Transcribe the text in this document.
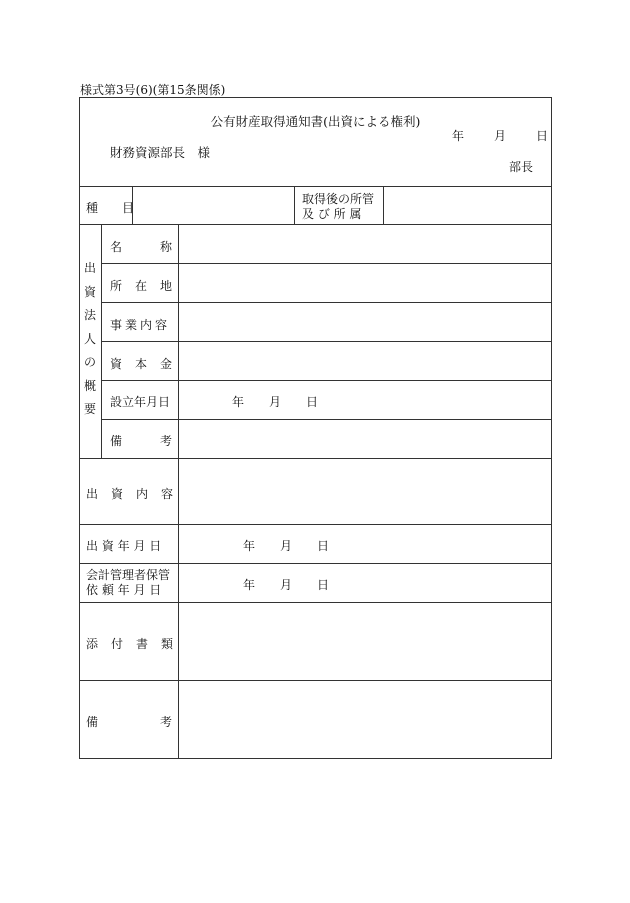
様式第3号(6)(第15条関係)
公有財産取得通知書(出資による権利)
年	月	日
財務資源部長　様
部長
種　　目
取得後の所管
及 び 所 属
出
資
法
人
の
概
要
名	称
所 在 地
事業内容
資 本 金
設立年月日	年 月 日
備	考
出 資 内 容
出 資 年 月 日	年 月 日
会計管理者保管
依 頼 年 月 日	年 月 日
添 付 書 類
備	考
